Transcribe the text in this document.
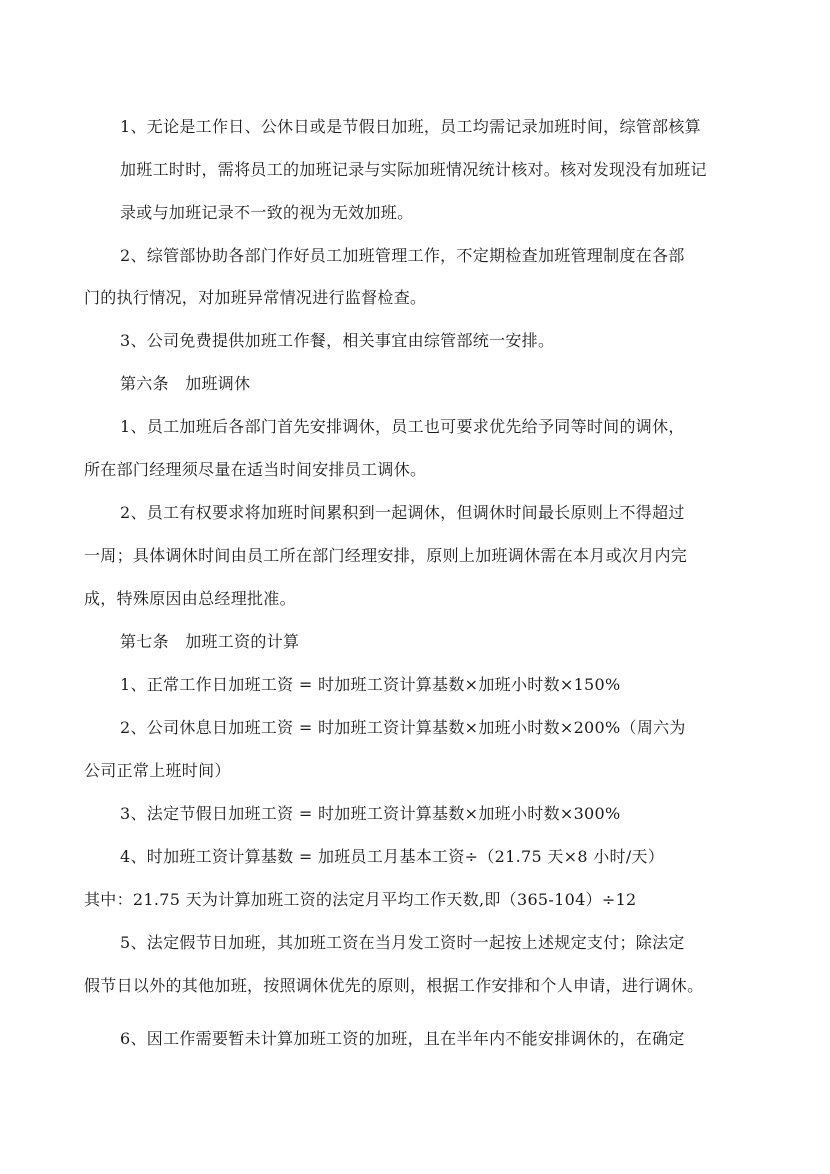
1、无论是工作日、公休日或是节假日加班，员工均需记录加班时间，综管部核算
加班工时时，需将员工的加班记录与实际加班情况统计核对。核对发现没有加班记
录或与加班记录不一致的视为无效加班。
2、综管部协助各部门作好员工加班管理工作，不定期检查加班管理制度在各部
门的执行情况，对加班异常情况进行监督检查。
3、公司免费提供加班工作餐，相关事宜由综管部统一安排。
第六条　加班调休
1、员工加班后各部门首先安排调休，员工也可要求优先给予同等时间的调休，
所在部门经理须尽量在适当时间安排员工调休。
2、员工有权要求将加班时间累积到一起调休，但调休时间最长原则上不得超过
一周；具体调休时间由员工所在部门经理安排，原则上加班调休需在本月或次月内完
成，特殊原因由总经理批准。
第七条　加班工资的计算
1、正常工作日加班工资 = 时加班工资计算基数×加班小时数×150%
2、公司休息日加班工资 = 时加班工资计算基数×加班小时数×200%（周六为
公司正常上班时间）
3、法定节假日加班工资 = 时加班工资计算基数×加班小时数×300%
4、时加班工资计算基数 = 加班员工月基本工资÷（21.75 天×8 小时/天）
其中：21.75 天为计算加班工资的法定月平均工作天数,即（365-104）÷12
5、法定假节日加班，其加班工资在当月发工资时一起按上述规定支付；除法定
假节日以外的其他加班，按照调休优先的原则，根据工作安排和个人申请，进行调休。
6、因工作需要暂未计算加班工资的加班，且在半年内不能安排调休的，在确定
